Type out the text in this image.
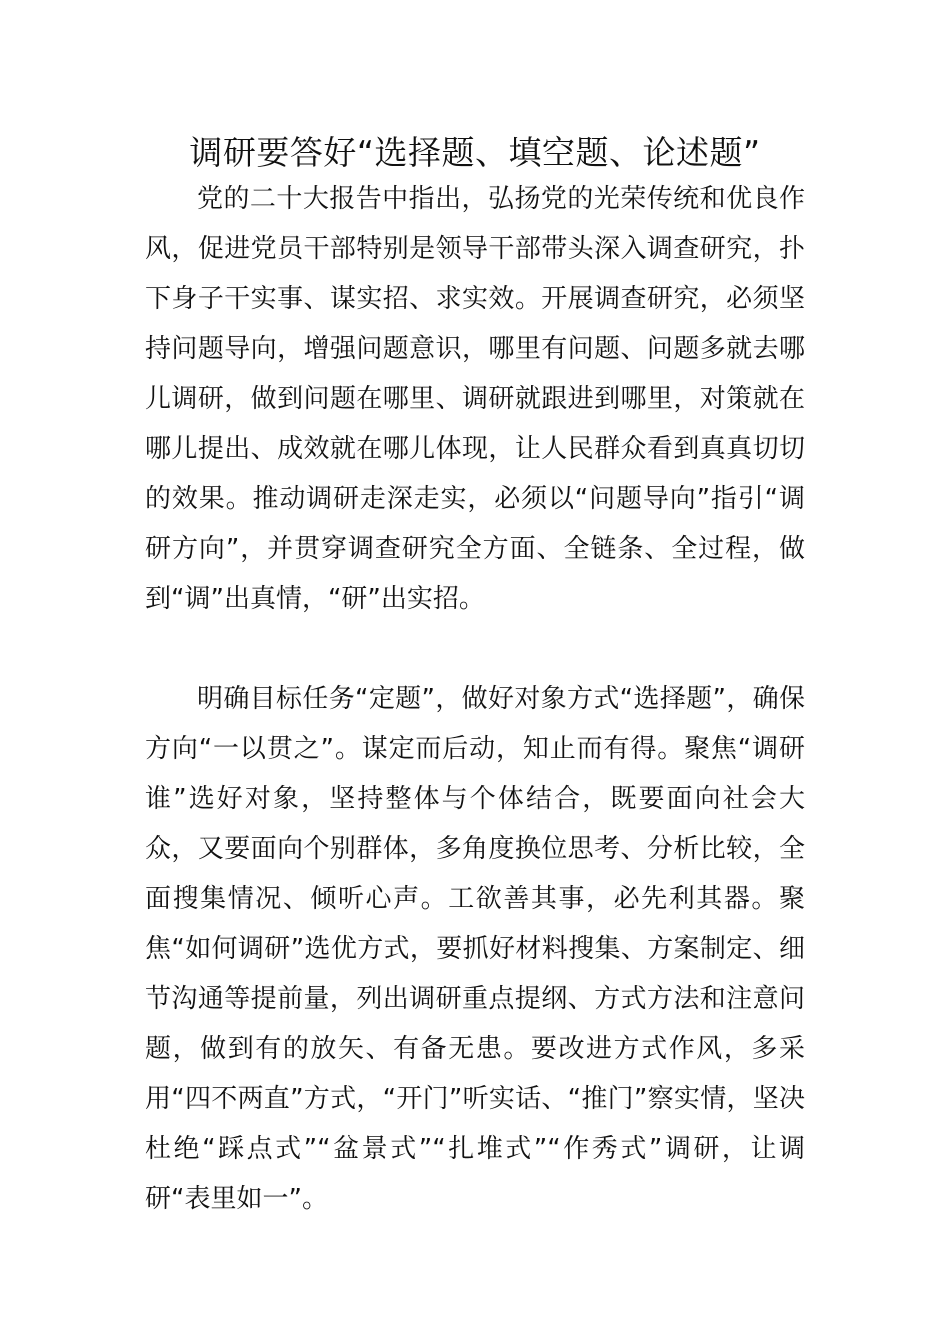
调研要答好“选择题、填空题、论述题”

党的二十大报告中指出，弘扬党的光荣传统和优良作风，促进党员干部特别是领导干部带头深入调查研究，扑下身子干实事、谋实招、求实效。开展调查研究，必须坚持问题导向，增强问题意识，哪里有问题、问题多就去哪儿调研，做到问题在哪里、调研就跟进到哪里，对策就在哪儿提出、成效就在哪儿体现，让人民群众看到真真切切的效果。推动调研走深走实，必须以“问题导向”指引“调研方向”，并贯穿调查研究全方面、全链条、全过程，做到“调”出真情，“研”出实招。

明确目标任务“定题”，做好对象方式“选择题”，确保方向“一以贯之”。谋定而后动，知止而有得。聚焦“调研谁”选好对象，坚持整体与个体结合，既要面向社会大众，又要面向个别群体，多角度换位思考、分析比较，全面搜集情况、倾听心声。工欲善其事，必先利其器。聚焦“如何调研”选优方式，要抓好材料搜集、方案制定、细节沟通等提前量，列出调研重点提纲、方式方法和注意问题，做到有的放矢、有备无患。要改进方式作风，多采用“四不两直”方式，“开门”听实话、“推门”察实情，坚决杜绝“踩点式”“盆景式”“扎堆式”“作秀式”调研，让调研“表里如一”。
